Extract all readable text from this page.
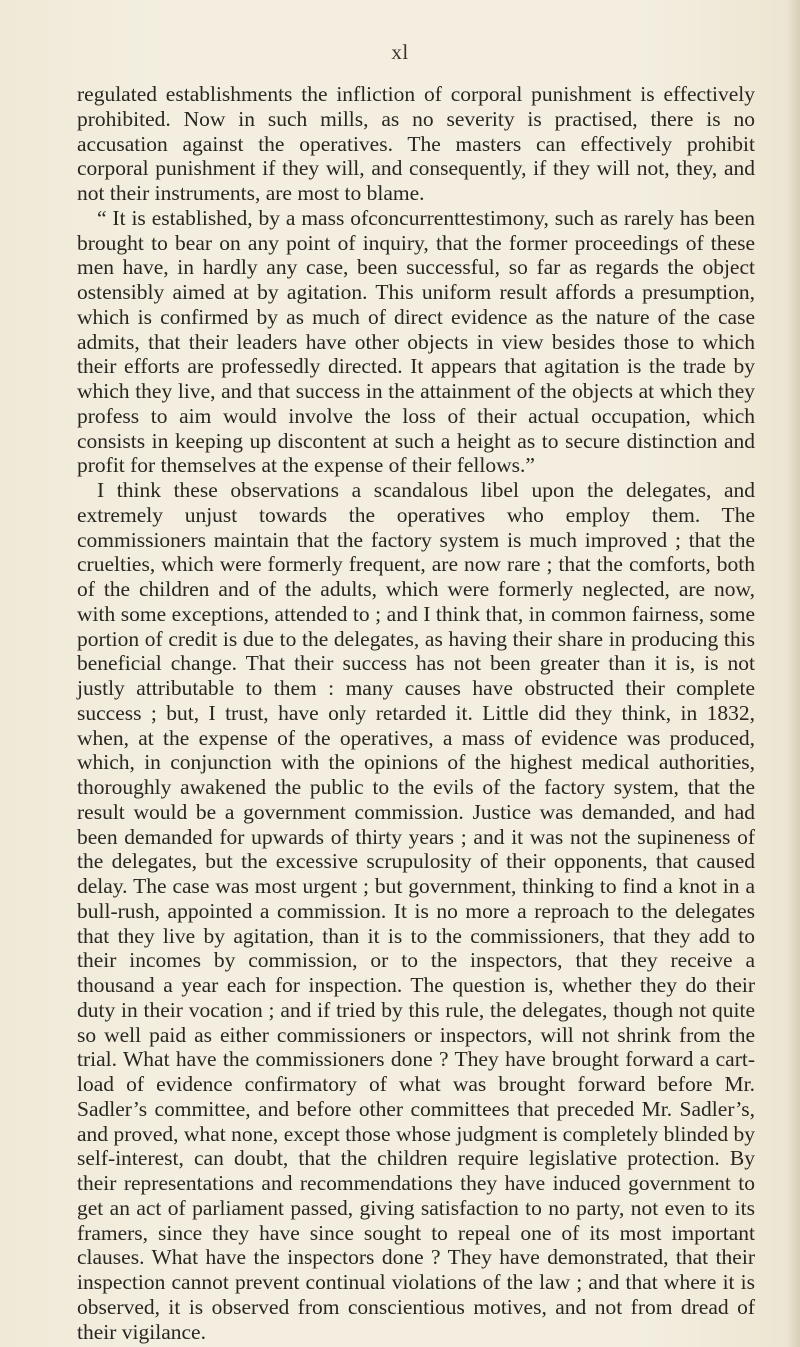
xl

regulated establishments the infliction of corporal punishment is effectively prohibited. Now in such mills, as no severity is practised, there is no accusation against the operatives. The masters can effectively prohibit corporal punishment if they will, and consequently, if they will not, they, and not their instruments, are most to blame.

“ It is established, by a mass ofconcurrenttestimony, such as rarely has been brought to bear on any point of inquiry, that the former proceedings of these men have, in hardly any case, been successful, so far as regards the object ostensibly aimed at by agitation. This uniform result affords a presumption, which is confirmed by as much of direct evidence as the nature of the case admits, that their leaders have other objects in view besides those to which their efforts are professedly directed. It appears that agitation is the trade by which they live, and that success in the attainment of the objects at which they profess to aim would involve the loss of their actual occupation, which consists in keeping up discontent at such a height as to secure distinction and profit for themselves at the expense of their fellows.”

I think these observations a scandalous libel upon the delegates, and extremely unjust towards the operatives who employ them. The commissioners maintain that the factory system is much improved ; that the cruelties, which were formerly frequent, are now rare ; that the comforts, both of the children and of the adults, which were formerly neglected, are now, with some exceptions, attended to ; and I think that, in common fairness, some portion of credit is due to the delegates, as having their share in producing this beneficial change. That their success has not been greater than it is, is not justly attributable to them : many causes have obstructed their complete success ; but, I trust, have only retarded it. Little did they think, in 1832, when, at the expense of the operatives, a mass of evidence was produced, which, in conjunction with the opinions of the highest medical authorities, thoroughly awakened the public to the evils of the factory system, that the result would be a government commission. Justice was demanded, and had been demanded for upwards of thirty years ; and it was not the supineness of the delegates, but the excessive scrupulosity of their opponents, that caused delay. The case was most urgent ; but government, thinking to find a knot in a bull-rush, appointed a commission. It is no more a reproach to the delegates that they live by agitation, than it is to the commissioners, that they add to their incomes by commission, or to the inspectors, that they receive a thousand a year each for inspection. The question is, whether they do their duty in their vocation ; and if tried by this rule, the delegates, though not quite so well paid as either commissioners or inspectors, will not shrink from the trial. What have the commissioners done ? They have brought forward a cart-load of evidence confirmatory of what was brought forward before Mr. Sadler’s committee, and before other committees that preceded Mr. Sadler’s, and proved, what none, except those whose judgment is completely blinded by self-interest, can doubt, that the children require legislative protection. By their representations and recommendations they have induced government to get an act of parliament passed, giving satisfaction to no party, not even to its framers, since they have since sought to repeal one of its most important clauses. What have the inspectors done ? They have demonstrated, that their inspection cannot prevent continual violations of the law ; and that where it is observed, it is observed from conscientious motives, and not from dread of their vigilance.
